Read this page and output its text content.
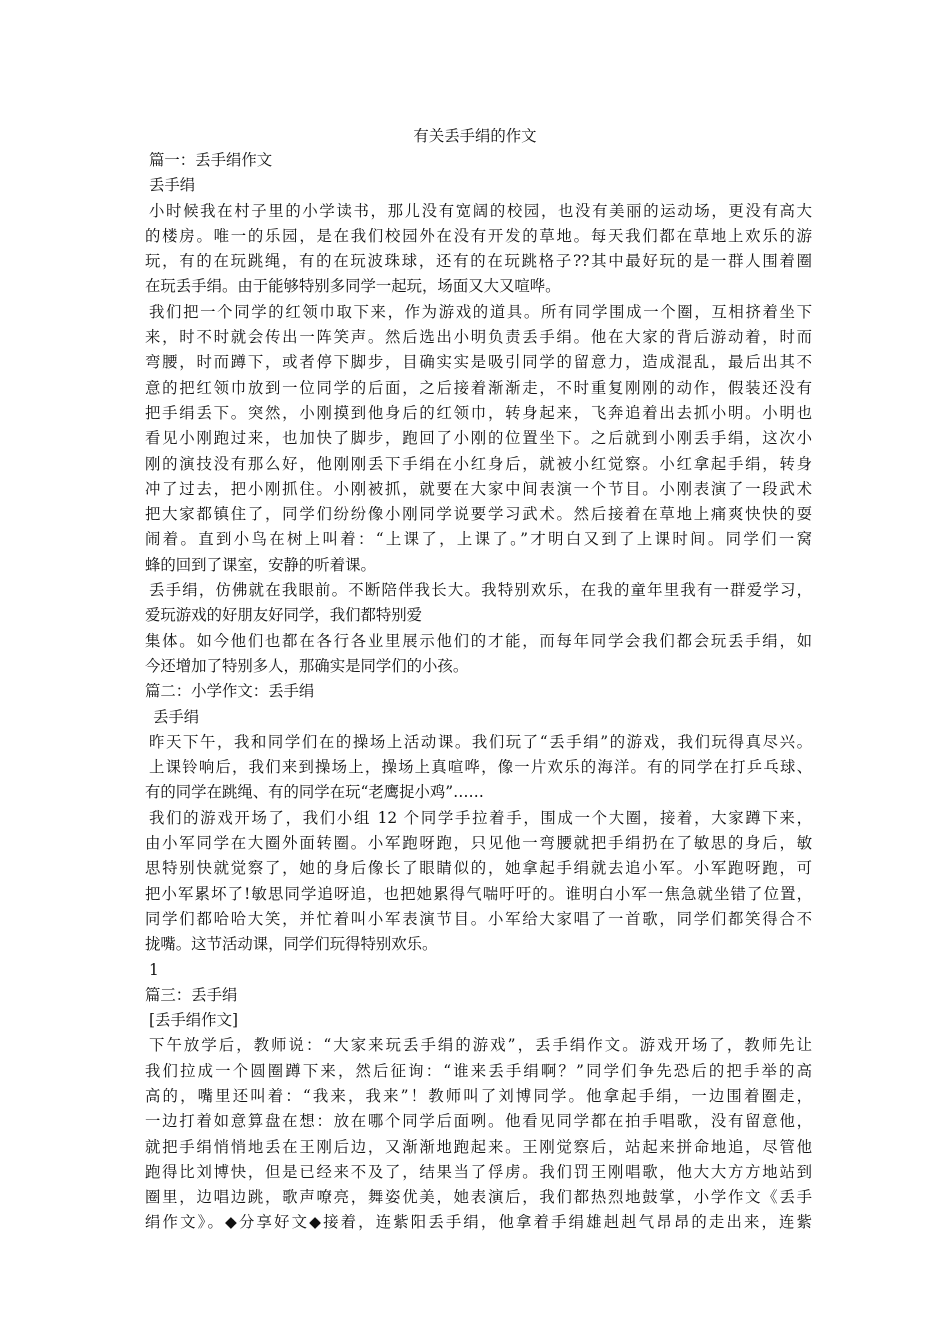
有关丢手绢的作文
篇一：丢手绢作文
丢手绢
小时候我在村子里的小学读书，那儿没有宽阔的校园，也没有美丽的运动场，更没有高大
的楼房。唯一的乐园，是在我们校园外在没有开发的草地。每天我们都在草地上欢乐的游
玩，有的在玩跳绳，有的在玩波珠球，还有的在玩跳格子??其中最好玩的是一群人围着圈
在玩丢手绢。由于能够特别多同学一起玩，场面又大又喧哗。
我们把一个同学的红领巾取下来，作为游戏的道具。所有同学围成一个圈，互相挤着坐下
来，时不时就会传出一阵笑声。然后选出小明负责丢手绢。他在大家的背后游动着，时而
弯腰，时而蹲下，或者停下脚步，目确实实是吸引同学的留意力，造成混乱，最后出其不
意的把红领巾放到一位同学的后面，之后接着渐渐走，不时重复刚刚的动作，假装还没有
把手绢丢下。突然，小刚摸到他身后的红领巾，转身起来，飞奔追着出去抓小明。小明也
看见小刚跑过来，也加快了脚步，跑回了小刚的位置坐下。之后就到小刚丢手绢，这次小
刚的演技没有那么好，他刚刚丢下手绢在小红身后，就被小红觉察。小红拿起手绢，转身
冲了过去，把小刚抓住。小刚被抓，就要在大家中间表演一个节目。小刚表演了一段武术
把大家都镇住了，同学们纷纷像小刚同学说要学习武术。然后接着在草地上痛爽快快的耍
闹着。直到小鸟在树上叫着：“上课了，上课了。”才明白又到了上课时间。同学们一窝
蜂的回到了课室，安静的听着课。
丢手绢，仿佛就在我眼前。不断陪伴我长大。我特别欢乐，在我的童年里我有一群爱学习，
爱玩游戏的好朋友好同学，我们都特别爱
集体。如今他们也都在各行各业里展示他们的才能，而每年同学会我们都会玩丢手绢，如
今还增加了特别多人，那确实是同学们的小孩。
篇二：小学作文：丢手绢
丢手绢
昨天下午，我和同学们在的操场上活动课。我们玩了“丢手绢”的游戏，我们玩得真尽兴。
上课铃响后，我们来到操场上，操场上真喧哗，像一片欢乐的海洋。有的同学在打乒乓球、
有的同学在跳绳、有的同学在玩“老鹰捉小鸡”……
我们的游戏开场了，我们小组 12 个同学手拉着手，围成一个大圈，接着，大家蹲下来，
由小军同学在大圈外面转圈。小军跑呀跑，只见他一弯腰就把手绢扔在了敏思的身后，敏
思特别快就觉察了，她的身后像长了眼睛似的，她拿起手绢就去追小军。小军跑呀跑，可
把小军累坏了!敏思同学追呀追，也把她累得气喘吁吁的。谁明白小军一焦急就坐错了位置，
同学们都哈哈大笑，并忙着叫小军表演节目。小军给大家唱了一首歌，同学们都笑得合不
拢嘴。这节活动课，同学们玩得特别欢乐。
1
篇三：丢手绢
[丢手绢作文]
下午放学后，教师说：“大家来玩丢手绢的游戏”，丢手绢作文。游戏开场了，教师先让
我们拉成一个圆圈蹲下来，然后征询：“谁来丢手绢啊？”同学们争先恐后的把手举的高
高的，嘴里还叫着：“我来，我来”！教师叫了刘博同学。他拿起手绢，一边围着圈走，
一边打着如意算盘在想：放在哪个同学后面咧。他看见同学都在拍手唱歌，没有留意他，
就把手绢悄悄地丢在王刚后边，又渐渐地跑起来。王刚觉察后，站起来拼命地追，尽管他
跑得比刘博快，但是已经来不及了，结果当了俘虏。我们罚王刚唱歌，他大大方方地站到
圈里，边唱边跳，歌声嘹亮，舞姿优美，她表演后，我们都热烈地鼓掌，小学作文《丢手
绢作文》。◆分享好文◆接着，连紫阳丢手绢，他拿着手绢雄赳赳气昂昂的走出来，连紫
